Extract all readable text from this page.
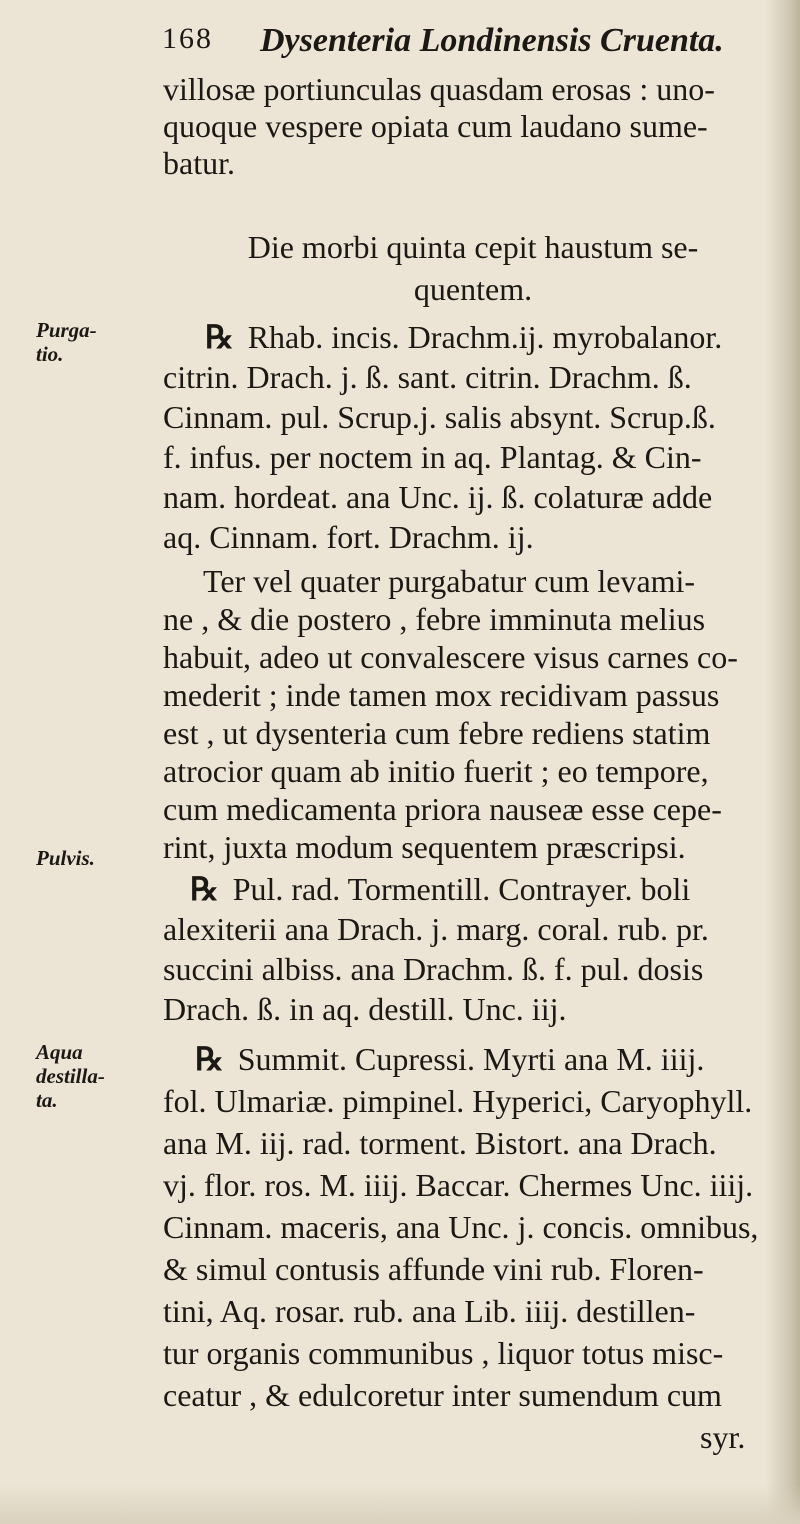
168 Dysenteria Londinensis Cruenta.
Purga-
tio.
Pulvis.
Aqua
destilla-
ta.
villosæ portiunculas quasdam erosas : uno-
quoque vespere opiata cum laudano sume-
batur.
Die morbi quinta cepit haustum se-
quentem.
℞ Rhab. incis. Drachm.ij. myrobalanor.
citrin. Drach. j. ß. sant. citrin. Drachm. ß.
Cinnam. pul. Scrup.j. salis absynt. Scrup.ß.
f. infus. per noctem in aq. Plantag. & Cin-
nam. hordeat. ana Unc. ij. ß. colaturæ adde
aq. Cinnam. fort. Drachm. ij.
Ter vel quater purgabatur cum levami-
ne , & die postero , febre imminuta melius
habuit, adeo ut convalescere visus carnes co-
mederit ; inde tamen mox recidivam passus
est , ut dysenteria cum febre rediens statim
atrocior quam ab initio fuerit ; eo tempore,
cum medicamenta priora nauseæ esse cepe-
rint, juxta modum sequentem præscripsi.
℞ Pul. rad. Tormentill. Contrayer. boli
alexiterii ana Drach. j. marg. coral. rub. pr.
succini albiss. ana Drachm. ß. f. pul. dosis
Drach. ß. in aq. destill. Unc. iij.
℞ Summit. Cupressi. Myrti ana M. iiij.
fol. Ulmariæ. pimpinel. Hyperici, Caryophyll.
ana M. iij. rad. torment. Bistort. ana Drach.
vj. flor. ros. M. iiij. Baccar. Chermes Unc. iiij.
Cinnam. maceris, ana Unc. j. concis. omnibus,
& simul contusis affunde vini rub. Floren-
tini, Aq. rosar. rub. ana Lib. iiij. destillen-
tur organis communibus , liquor totus misc-
ceatur , & edulcoretur inter sumendum cum
syr.
